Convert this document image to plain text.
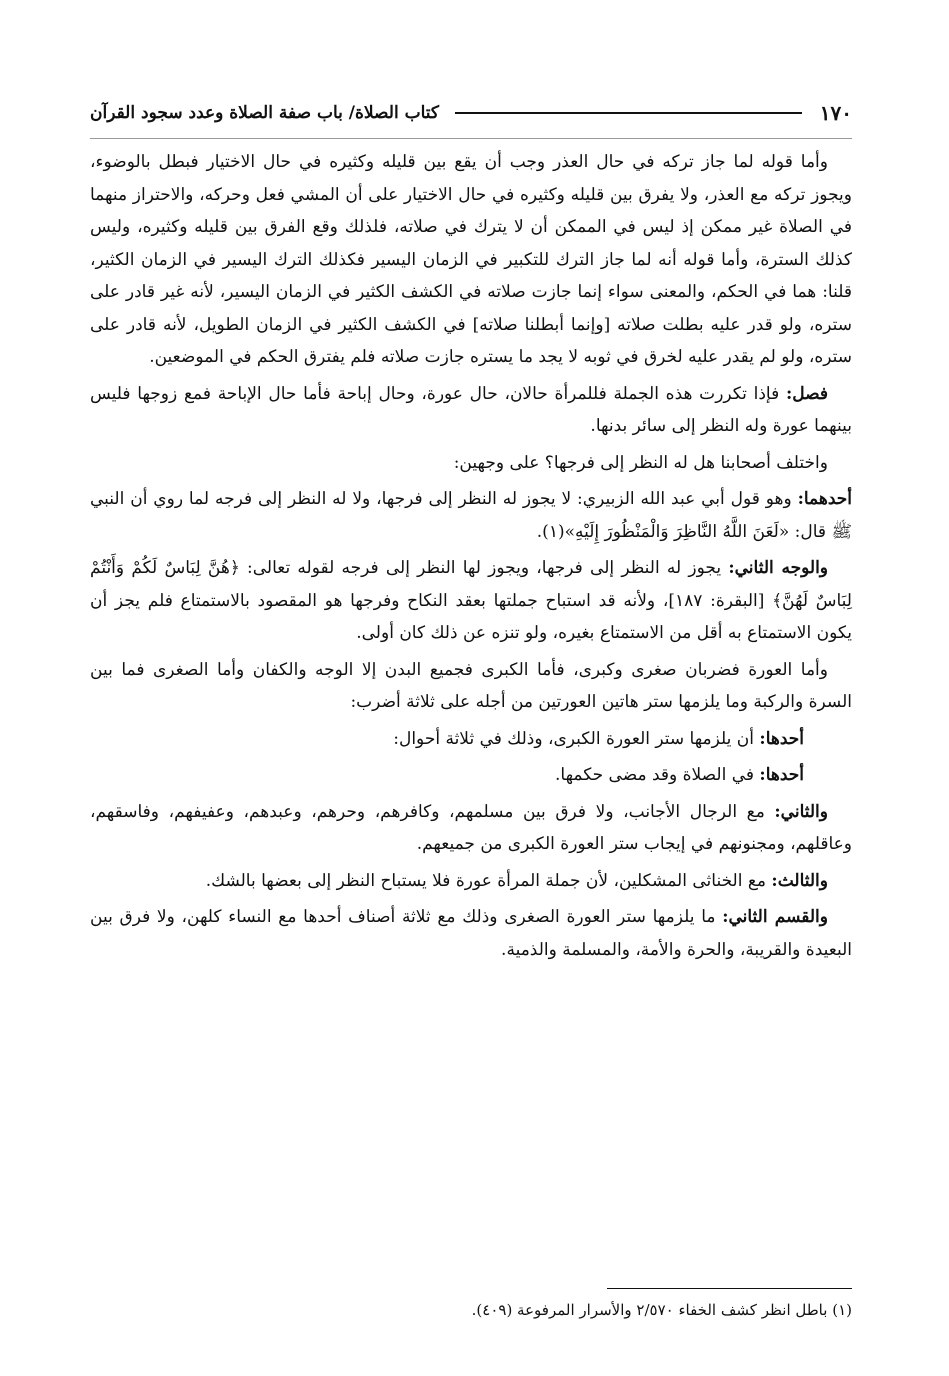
١٧٠
كتاب الصلاة/ باب صفة الصلاة وعدد سجود القرآن

وأما قوله لما جاز تركه في حال العذر وجب أن يقع بين قليله وكثيره في حال الاختيار فبطل بالوضوء، ويجوز تركه مع العذر، ولا يفرق بين قليله وكثيره في حال الاختيار على أن المشي فعل وحركه، والاحتراز منهما في الصلاة غير ممكن إذ ليس في الممكن أن لا يترك في صلاته، فلذلك وقع الفرق بين قليله وكثيره، وليس كذلك السترة، وأما قوله أنه لما جاز الترك للتكبير في الزمان اليسير فكذلك الترك اليسير في الزمان الكثير، قلنا: هما في الحكم، والمعنى سواء إنما جازت صلاته في الكشف الكثير في الزمان اليسير، لأنه غير قادر على ستره، ولو قدر عليه بطلت صلاته [وإنما أبطلنا صلاته] في الكشف الكثير في الزمان الطويل، لأنه قادر على ستره، ولو لم يقدر عليه لخرق في ثوبه لا يجد ما يستره جازت صلاته فلم يفترق الحكم في الموضعين.

فصل: فإذا تكررت هذه الجملة فللمرأة حالان، حال عورة، وحال إباحة فأما حال الإباحة فمع زوجها فليس بينهما عورة وله النظر إلى سائر بدنها.

واختلف أصحابنا هل له النظر إلى فرجها؟ على وجهين:

أحدهما: وهو قول أبي عبد الله الزبيري: لا يجوز له النظر إلى فرجها، ولا له النظر إلى فرجه لما روي أن النبي ﷺ قال: «لَعَنَ اللَّهُ النَّاظِرَ وَالْمَنْظُورَ إِلَيْهِ»(١).

والوجه الثاني: يجوز له النظر إلى فرجها، ويجوز لها النظر إلى فرجه لقوله تعالى: ﴿هُنَّ لِبَاسٌ لَكُمْ وَأَنْتُمْ لِبَاسٌ لَهُنَّ﴾ [البقرة: ١٨٧]، ولأنه قد استباح جملتها بعقد النكاح وفرجها هو المقصود بالاستمتاع فلم يجز أن يكون الاستمتاع به أقل من الاستمتاع بغيره، ولو تنزه عن ذلك كان أولى.

وأما العورة فضربان صغرى وكبرى، فأما الكبرى فجميع البدن إلا الوجه والكفان وأما الصغرى فما بين السرة والركبة وما يلزمها ستر هاتين العورتين من أجله على ثلاثة أضرب:

أحدها: أن يلزمها ستر العورة الكبرى، وذلك في ثلاثة أحوال:

أحدها: في الصلاة وقد مضى حكمها.

والثاني: مع الرجال الأجانب، ولا فرق بين مسلمهم، وكافرهم، وحرهم، وعبدهم، وعفيفهم، وفاسقهم، وعاقلهم، ومجنونهم في إيجاب ستر العورة الكبرى من جميعهم.

والثالث: مع الخناثى المشكلين، لأن جملة المرأة عورة فلا يستباح النظر إلى بعضها بالشك.

والقسم الثاني: ما يلزمها ستر العورة الصغرى وذلك مع ثلاثة أصناف أحدها مع النساء كلهن، ولا فرق بين البعيدة والقريبة، والحرة والأمة، والمسلمة والذمية.

(١) باطل انظر كشف الخفاء ٢/٥٧٠ والأسرار المرفوعة (٤٠٩).
